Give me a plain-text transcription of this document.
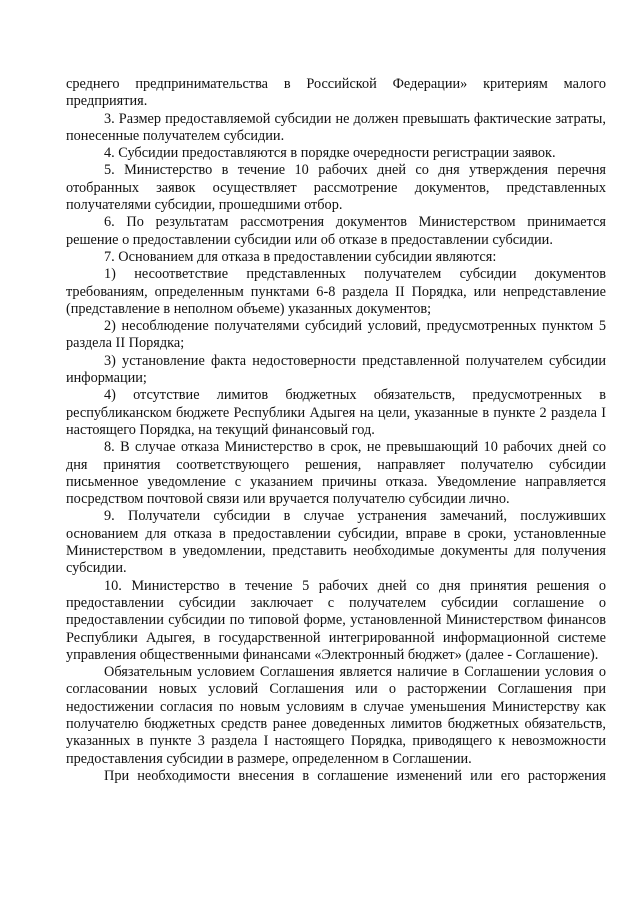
среднего предпринимательства в Российской Федерации» критериям малого предприятия.

3. Размер предоставляемой субсидии не должен превышать фактические затраты, понесенные получателем субсидии.

4. Субсидии предоставляются в порядке очередности регистрации заявок.

5. Министерство в течение 10 рабочих дней со дня утверждения перечня отобранных заявок осуществляет рассмотрение документов, представленных получателями субсидии, прошедшими отбор.

6. По результатам рассмотрения документов Министерством принимается решение о предоставлении субсидии или об отказе в предоставлении субсидии.

7. Основанием для отказа в предоставлении субсидии являются:

1) несоответствие представленных получателем субсидии документов требованиям, определенным пунктами 6-8 раздела II Порядка, или непредставление (представление в неполном объеме) указанных документов;

2) несоблюдение получателями субсидий условий, предусмотренных пунктом 5 раздела II Порядка;

3) установление факта недостоверности представленной получателем субсидии информации;

4) отсутствие лимитов бюджетных обязательств, предусмотренных в республиканском бюджете Республики Адыгея на цели, указанные в пункте 2 раздела I настоящего Порядка, на текущий финансовый год.

8. В случае отказа Министерство в срок, не превышающий 10 рабочих дней со дня принятия соответствующего решения, направляет получателю субсидии письменное уведомление с указанием причины отказа. Уведомление направляется посредством почтовой связи или вручается получателю субсидии лично.

9. Получатели субсидии в случае устранения замечаний, послуживших основанием для отказа в предоставлении субсидии, вправе в сроки, установленные Министерством в уведомлении, представить необходимые документы для получения субсидии.

10. Министерство в течение 5 рабочих дней со дня принятия решения о предоставлении субсидии заключает с получателем субсидии соглашение о предоставлении субсидии по типовой форме, установленной Министерством финансов Республики Адыгея, в государственной интегрированной информационной системе управления общественными финансами «Электронный бюджет» (далее - Соглашение).

Обязательным условием Соглашения является наличие в Соглашении условия о согласовании новых условий Соглашения или о расторжении Соглашения при недостижении согласия по новым условиям в случае уменьшения Министерству как получателю бюджетных средств ранее доведенных лимитов бюджетных обязательств, указанных в пункте 3 раздела I настоящего Порядка, приводящего к невозможности предоставления субсидии в размере, определенном в Соглашении.

При необходимости внесения в соглашение изменений или его расторжения
